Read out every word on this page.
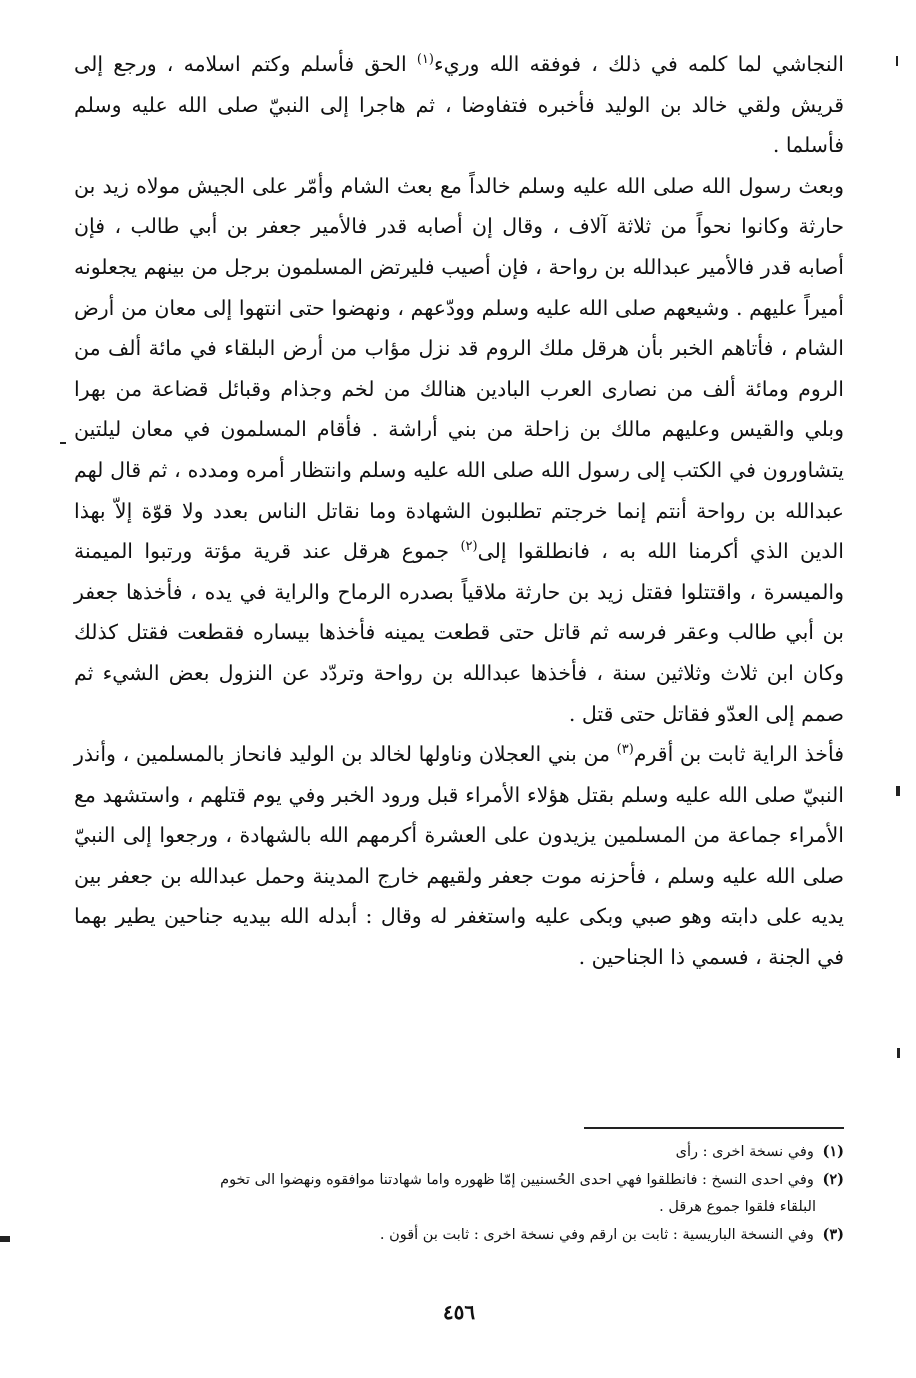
النجاشي لما كلمه في ذلك ، فوفقه الله وريء$^{(١)}$ الحق فأسلم وكتم اسلامه ، ورجع إلى قريش ولقي خالد بن الوليد فأخبره فتفاوضا ، ثم هاجرا إلى النبيّ صلى الله عليه وسلم فأسلما .

وبعث رسول الله صلى الله عليه وسلم خالداً مع بعث الشام وأمّر على الجيش مولاه زيد بن حارثة وكانوا نحواً من ثلاثة آلاف ، وقال إن أصابه قدر فالأمير جعفر بن أبي طالب ، فإن أصابه قدر فالأمير عبدالله بن رواحة ، فإن أصيب فليرتض المسلمون برجل من بينهم يجعلونه أميراً عليهم . وشيعهم صلى الله عليه وسلم وودّعهم ، ونهضوا حتى انتهوا إلى معان من أرض الشام ، فأتاهم الخبر بأن هرقل ملك الروم قد نزل مؤاب من أرض البلقاء في مائة ألف من الروم ومائة ألف من نصارى العرب البادين هنالك من لخم وجذام وقبائل قضاعة من بهرا وبلي والقيس وعليهم مالك بن زاحلة من بني أراشة . فأقام المسلمون في معان ليلتين يتشاورون في الكتب إلى رسول الله صلى الله عليه وسلم وانتظار أمره ومدده ، ثم قال لهم عبدالله بن رواحة أنتم إنما خرجتم تطلبون الشهادة وما نقاتل الناس بعدد ولا قوّة إلاّ بهذا الدين الذي أكرمنا الله به ، فانطلقوا إلى$^{(٢)}$ جموع هرقل عند قرية مؤتة ورتبوا الميمنة والميسرة ، واقتتلوا فقتل زيد بن حارثة ملاقياً بصدره الرماح والراية في يده ، فأخذها جعفر بن أبي طالب وعقر فرسه ثم قاتل حتى قطعت يمينه فأخذها بيساره فقطعت فقتل كذلك وكان ابن ثلاث وثلاثين سنة ، فأخذها عبدالله بن رواحة وتردّد عن النزول بعض الشيء ثم صمم إلى العدّو فقاتل حتى قتل .

فأخذ الراية ثابت بن أقرم$^{(٣)}$ من بني العجلان وناولها لخالد بن الوليد فانحاز بالمسلمين ، وأنذر النبيّ صلى الله عليه وسلم بقتل هؤلاء الأمراء قبل ورود الخبر وفي يوم قتلهم ، واستشهد مع الأمراء جماعة من المسلمين يزيدون على العشرة أكرمهم الله بالشهادة ، ورجعوا إلى النبيّ صلى الله عليه وسلم ، فأحزنه موت جعفر ولقيهم خارج المدينة وحمل عبدالله بن جعفر بين يديه على دابته وهو صبي وبكى عليه واستغفر له وقال : أبدله الله بيديه جناحين يطير بهما في الجنة ، فسمي ذا الجناحين .

(١) وفي نسخة اخرى : رأى

(٢) وفي احدى النسخ : فانطلقوا فهي احدى الحُسنيين إمّا ظهوره واما شهادتنا موافقوه ونهضوا الى تخوم

البلقاء فلقوا جموع هرقل .

(٣) وفي النسخة الباريسية : ثابت بن ارقم وفي نسخة اخرى : ثابت بن أقون .

٤٥٦
